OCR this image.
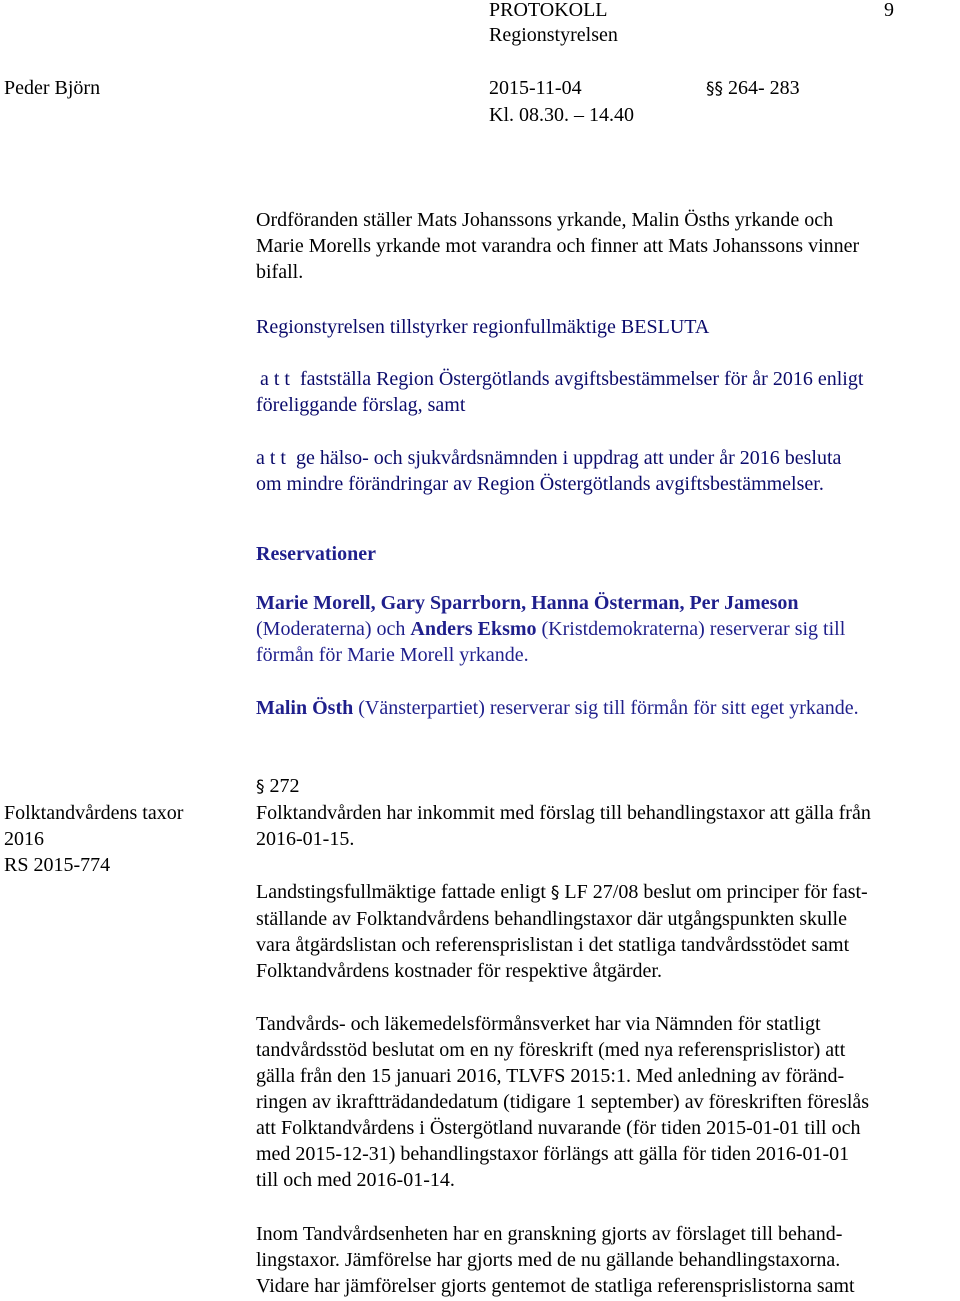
PROTOKOLL	9
Regionstyrelsen
Peder Björn	2015-11-04	§§ 264- 283
Kl. 08.30. – 14.40

Ordföranden ställer Mats Johanssons yrkande, Malin Ösths yrkande och

Marie Morells yrkande mot varandra och finner att Mats Johanssons vinner

bifall.

Regionstyrelsen tillstyrker regionfullmäktige BESLUTA

a t t fastställa Region Östergötlands avgiftsbestämmelser för år 2016 enligt

föreliggande förslag, samt

a t t ge hälso- och sjukvårdsnämnden i uppdrag att under år 2016 besluta

om mindre förändringar av Region Östergötlands avgiftsbestämmelser.

Reservationer

Marie Morell, Gary Sparrborn, Hanna Österman, Per Jameson

(Moderaterna) och Anders Eksmo (Kristdemokraterna) reserverar sig till

förmån för Marie Morell yrkande.

Malin Östh (Vänsterpartiet) reserverar sig till förmån för sitt eget yrkande.

Folktandvårdens taxor
2016
RS 2015-774

§ 272

Folktandvården har inkommit med förslag till behandlingstaxor att gälla från

2016-01-15.

Landstingsfullmäktige fattade enligt § LF 27/08 beslut om principer för fast-

ställande av Folktandvårdens behandlingstaxor där utgångspunkten skulle

vara åtgärdslistan och referensprislistan i det statliga tandvårdsstödet samt

Folktandvårdens kostnader för respektive åtgärder.

Tandvårds- och läkemedelsförmånsverket har via Nämnden för statligt

tandvårdsstöd beslutat om en ny föreskrift (med nya referensprislistor) att

gälla från den 15 januari 2016, TLVFS 2015:1. Med anledning av föränd-

ringen av ikraftträdandedatum (tidigare 1 september) av föreskriften föreslås

att Folktandvårdens i Östergötland nuvarande (för tiden 2015-01-01 till och

med 2015-12-31) behandlingstaxor förlängs att gälla för tiden 2016-01-01

till och med 2016-01-14.

Inom Tandvårdsenheten har en granskning gjorts av förslaget till behand-

lingstaxor. Jämförelse har gjorts med de nu gällande behandlingstaxorna.

Vidare har jämförelser gjorts gentemot de statliga referensprislistorna samt
